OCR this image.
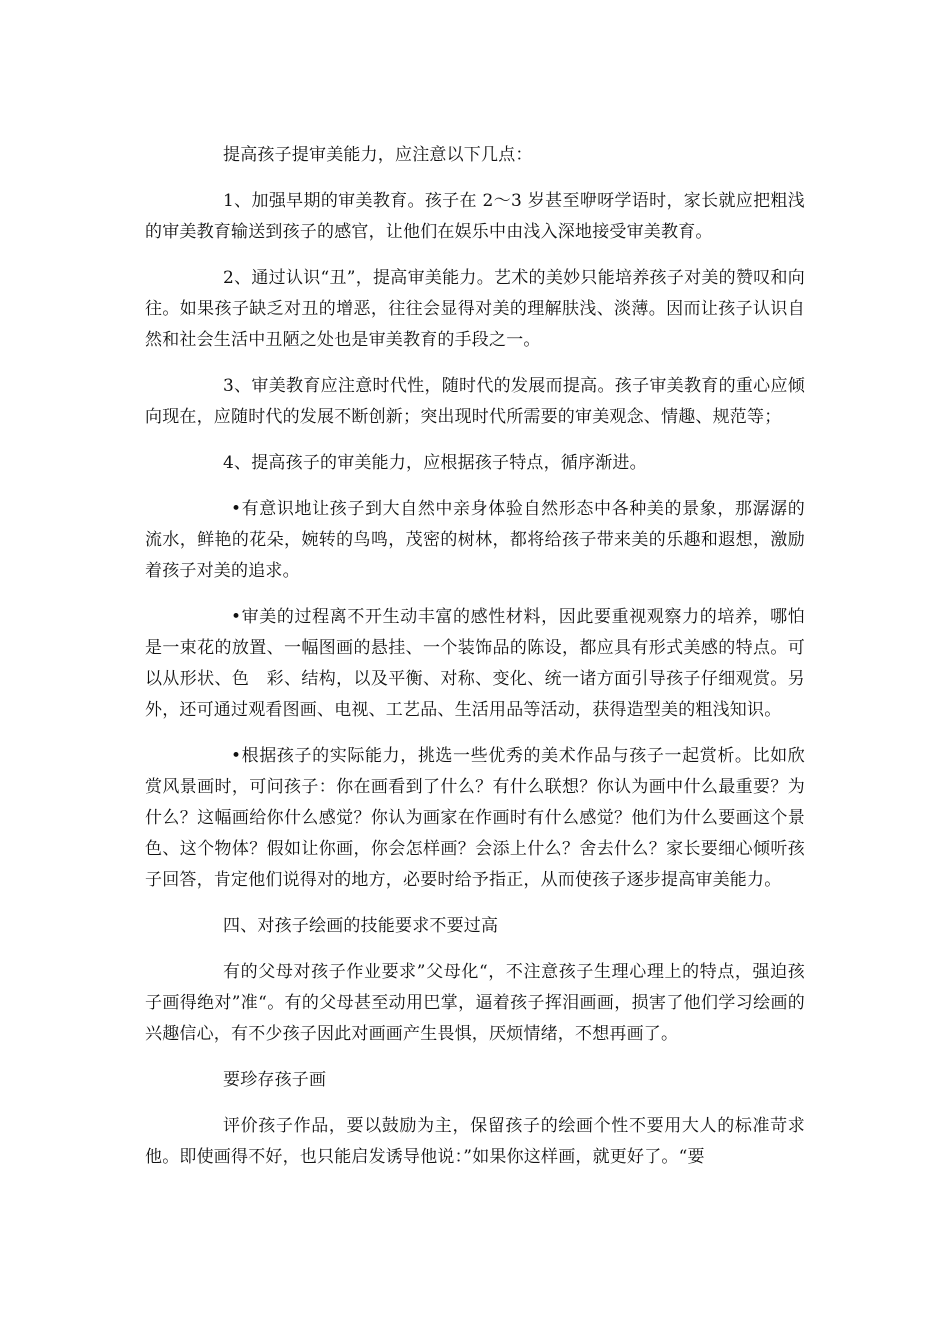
提高孩子提审美能力，应注意以下几点：

1、加强早期的审美教育。孩子在 2～3 岁甚至咿呀学语时，家长就应把粗浅的审美教育输送到孩子的感官，让他们在娱乐中由浅入深地接受审美教育。

2、通过认识“丑”，提高审美能力。艺术的美妙只能培养孩子对美的赞叹和向往。如果孩子缺乏对丑的增恶，往往会显得对美的理解肤浅、淡薄。因而让孩子认识自然和社会生活中丑陋之处也是审美教育的手段之一。

3、审美教育应注意时代性，随时代的发展而提高。孩子审美教育的重心应倾向现在，应随时代的发展不断创新；突出现时代所需要的审美观念、情趣、规范等；

4、提高孩子的审美能力，应根据孩子特点，循序渐进。

•有意识地让孩子到大自然中亲身体验自然形态中各种美的景象，那潺潺的流水，鲜艳的花朵，婉转的鸟鸣，茂密的树林，都将给孩子带来美的乐趣和遐想，激励着孩子对美的追求。

•审美的过程离不开生动丰富的感性材料，因此要重视观察力的培养，哪怕是一束花的放置、一幅图画的悬挂、一个装饰品的陈设，都应具有形式美感的特点。可以从形状、色　彩、结构，以及平衡、对称、变化、统一诸方面引导孩子仔细观赏。另外，还可通过观看图画、电视、工艺品、生活用品等活动，获得造型美的粗浅知识。

•根据孩子的实际能力，挑选一些优秀的美术作品与孩子一起赏析。比如欣赏风景画时，可问孩子：你在画看到了什么？有什么联想？你认为画中什么最重要？为什么？这幅画给你什么感觉？你认为画家在作画时有什么感觉？他们为什么要画这个景色、这个物体？假如让你画，你会怎样画？会添上什么？舍去什么？家长要细心倾听孩子回答，肯定他们说得对的地方，必要时给予指正，从而使孩子逐步提高审美能力。

四、对孩子绘画的技能要求不要过高

有的父母对孩子作业要求”父母化“，不注意孩子生理心理上的特点，强迫孩子画得绝对”准“。有的父母甚至动用巴掌，逼着孩子挥泪画画，损害了他们学习绘画的兴趣信心，有不少孩子因此对画画产生畏惧，厌烦情绪，不想再画了。

要珍存孩子画

评价孩子作品，要以鼓励为主，保留孩子的绘画个性不要用大人的标准苛求他。即使画得不好，也只能启发诱导他说：”如果你这样画，就更好了。“要
